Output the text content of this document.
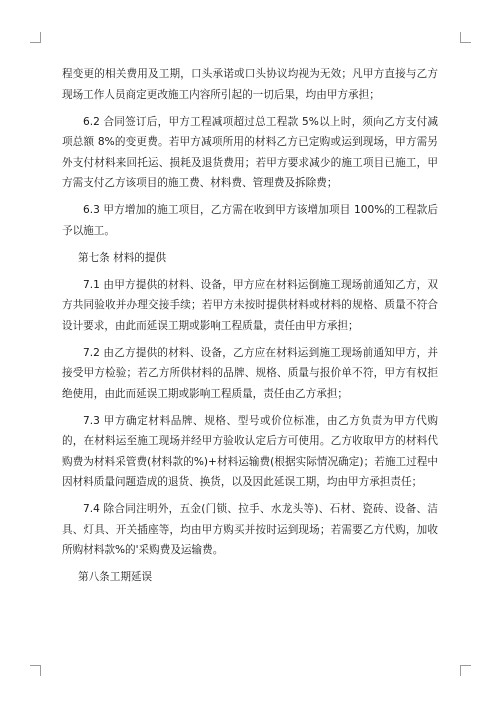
程变更的相关费用及工期，口头承诺或口头协议均视为无效；凡甲方直接与乙方现场工作人员商定更改施工内容所引起的一切后果，均由甲方承担；

6.2 合同签订后，甲方工程减项超过总工程款 5%以上时，须向乙方支付减项总额 8%的变更费。若甲方减项所用的材料乙方已定购或运到现场，甲方需另外支付材料来回托运、损耗及退货费用；若甲方要求减少的施工项目已施工，甲方需支付乙方该项目的施工费、材料费、管理费及拆除费；

6.3 甲方增加的施工项目，乙方需在收到甲方该增加项目 100%的工程款后予以施工。

第七条 材料的提供

7.1 由甲方提供的材料、设备，甲方应在材料运倒施工现场前通知乙方，双方共同验收并办理交接手续；若甲方未按时提供材料或材料的规格、质量不符合设计要求，由此而延误工期或影响工程质量，责任由甲方承担；

7.2 由乙方提供的材料、设备，乙方应在材料运到施工现场前通知甲方，并接受甲方检验；若乙方所供材料的品牌、规格、质量与报价单不符，甲方有权拒绝使用，由此而延误工期或影响工程质量，责任由乙方承担；

7.3 甲方确定材料品牌、规格、型号或价位标准，由乙方负责为甲方代购的，在材料运至施工现场并经甲方验收认定后方可使用。乙方收取甲方的材料代购费为材料采管费(材料款的%)+材料运输费(根据实际情况确定)；若施工过程中因材料质量问题造成的退货、换货，以及因此延误工期，均由甲方承担责任；

7.4 除合同注明外，五金(门锁、拉手、水龙头等)、石材、瓷砖、设备、洁具、灯具、开关插座等，均由甲方购买并按时运到现场；若需要乙方代购，加收所购材料款%的'采购费及运输费。

第八条工期延误
